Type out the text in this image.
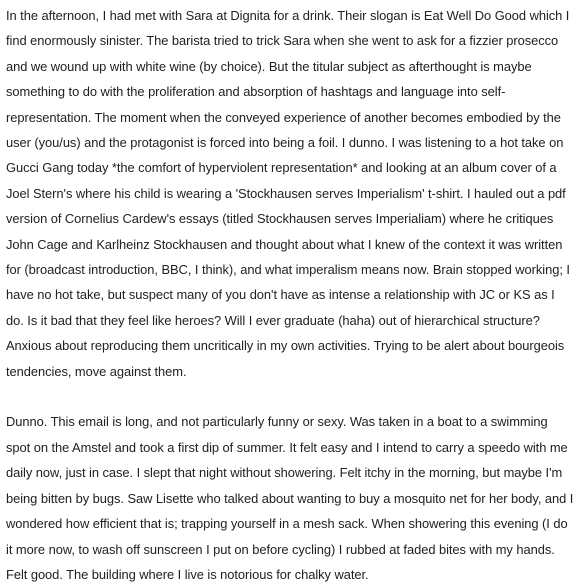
In the afternoon, I had met with Sara at Dignita for a drink. Their slogan is Eat Well Do Good which I find enormously sinister. The barista tried to trick Sara when she went to ask for a fizzier prosecco and we wound up with white wine (by choice). But the titular subject as afterthought is maybe something to do with the proliferation and absorption of hashtags and language into self-representation. The moment when the conveyed experience of another becomes embodied by the user (you/us) and the protagonist is forced into being a foil. I dunno. I was listening to a hot take on Gucci Gang today *the comfort of hyperviolent representation* and looking at an album cover of a Joel Stern's where his child is wearing a 'Stockhausen serves Imperialism' t-shirt. I hauled out a pdf version of Cornelius Cardew's essays (titled Stockhausen serves Imperialiam) where he critiques John Cage and Karlheinz Stockhausen and thought about what I knew of the context it was written for (broadcast introduction, BBC, I think), and what imperalism means now. Brain stopped working; I have no hot take, but suspect many of you don't have as intense a relationship with JC or KS as I do. Is it bad that they feel like heroes? Will I ever graduate (haha) out of hierarchical structure? Anxious about reproducing them uncritically in my own activities. Trying to be alert about bourgeois tendencies, move against them.

Dunno. This email is long, and not particularly funny or sexy. Was taken in a boat to a swimming spot on the Amstel and took a first dip of summer. It felt easy and I intend to carry a speedo with me daily now, just in case. I slept that night without showering. Felt itchy in the morning, but maybe I'm being bitten by bugs. Saw Lisette who talked about wanting to buy a mosquito net for her body, and I wondered how efficient that is; trapping yourself in a mesh sack. When showering this evening (I do it more now, to wash off sunscreen I put on before cycling) I rubbed at faded bites with my hands. Felt good. The building where I live is notorious for chalky water.
